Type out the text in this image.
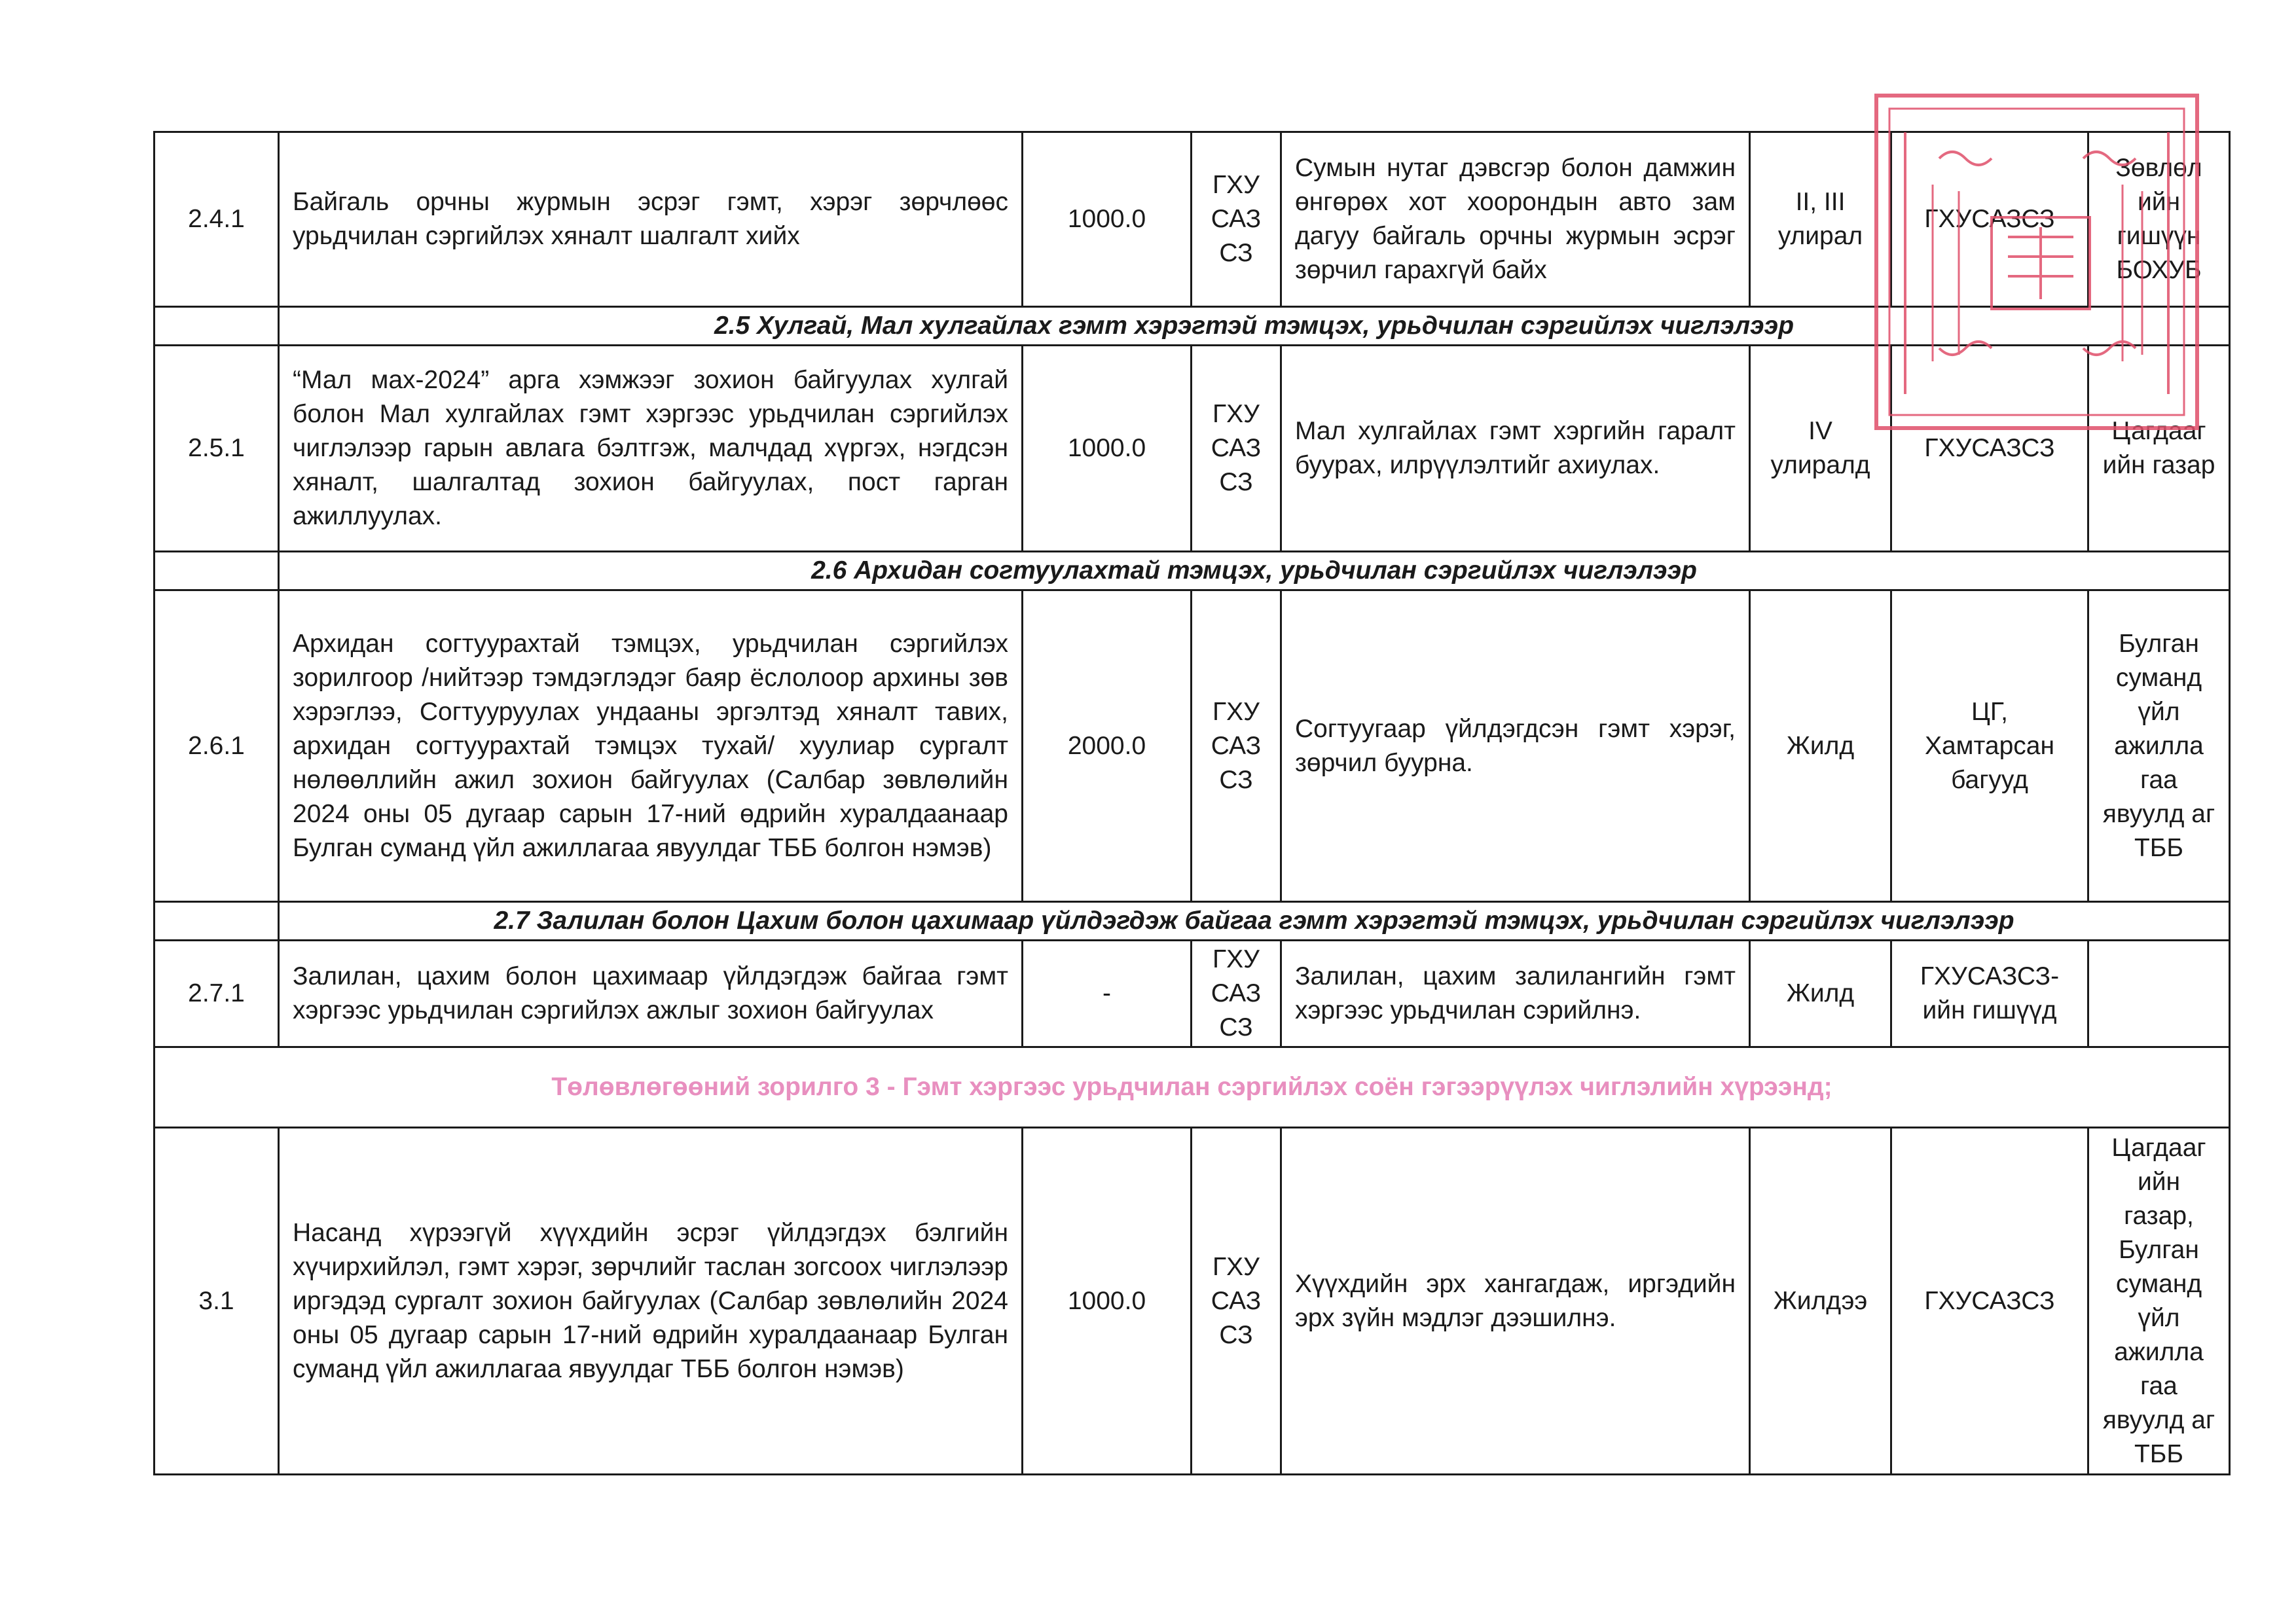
2.4.1	Байгаль орчны журмын эсрэг гэмт, хэрэг зөрчлөөс урьдчилан сэргийлэх хяналт шалгалт хийх	1000.0	ГХУ САЗ СЗ	Сумын нутаг дэвсгэр болон дамжин өнгөрөх хот хоорондын авто зам дагуу байгаль орчны журмын эсрэг зөрчил гарахгүй байх	II, III улирал	ГХУСАЗСЗ	Зөвлөл ийн гишүүн БОХУБ
	2.5 Хулгай, Мал хулгайлах гэмт хэрэгтэй тэмцэх, урьдчилан сэргийлэх чиглэлээр						
2.5.1	“Мал мах-2024” арга хэмжээг зохион байгуулах хулгай болон Мал хулгайлах гэмт хэргээс урьдчилан сэргийлэх чиглэлээр гарын авлага бэлтгэж, малчдад хүргэх, нэгдсэн хяналт, шалгалтад зохион байгуулах, пост гарган ажиллуулах.	1000.0	ГХУ САЗ СЗ	Мал хулгайлах гэмт хэргийн гаралт буурах, илрүүлэлтийг ахиулах.	IV улиралд	ГХУСАЗСЗ	Цагдааг ийн газар
	2.6 Архидан согтуулахтай тэмцэх, урьдчилан сэргийлэх чиглэлээр						
2.6.1	Архидан согтуурахтай тэмцэх, урьдчилан сэргийлэх зорилгоор /нийтээр тэмдэглэдэг баяр ёслолоор архины зөв хэрэглээ, Согтууруулах ундааны эргэлтэд хяналт тавих, архидан согтуурахтай тэмцэх тухай/ хуулиар сургалт нөлөөллийн ажил зохион байгуулах (Салбар зөвлөлийн 2024 оны 05 дугаар сарын 17-ний өдрийн хуралдаанаар Булган суманд үйл ажиллагаа явуулдаг ТББ болгон нэмэв)	2000.0	ГХУ САЗ СЗ	Согтуугаар үйлдэгдсэн гэмт хэрэг, зөрчил буурна.	Жилд	ЦГ, Хамтарсан багууд	Булган суманд үйл ажилла гаа явуулд аг ТББ
	2.7 Залилан болон Цахим болон цахимаар үйлдэгдэж байгаа гэмт хэрэгтэй тэмцэх, урьдчилан сэргийлэх чиглэлээр						
2.7.1	Залилан, цахим болон цахимаар үйлдэгдэж байгаа гэмт хэргээс урьдчилан сэргийлэх ажлыг зохион байгуулах	-	ГХУ САЗ СЗ	Залилан, цахим залилангийн гэмт хэргээс урьдчилан сэрийлнэ.	Жилд	ГХУСАЗСЗ-ийн гишүүд	
Төлөвлөгөөний зорилго 3 - Гэмт хэргээс урьдчилан сэргийлэх соён гэгээрүүлэх чиглэлийн хүрээнд;							
3.1	Насанд хүрээгүй хүүхдийн эсрэг үйлдэгдэх бэлгийн хүчирхийлэл, гэмт хэрэг, зөрчлийг таслан зогсоох чиглэлээр иргэдэд сургалт зохион байгуулах (Салбар зөвлөлийн 2024 оны 05 дугаар сарын 17-ний өдрийн хуралдаанаар Булган суманд үйл ажиллагаа явуулдаг ТББ болгон нэмэв)	1000.0	ГХУ САЗ СЗ	Хүүхдийн эрх хангагдаж, иргэдийн эрх зүйн мэдлэг дээшилнэ.	Жилдээ	ГХУСАЗСЗ	Цагдааг ийн газар, Булган суманд үйл ажилла гаа явуулд аг ТББ
